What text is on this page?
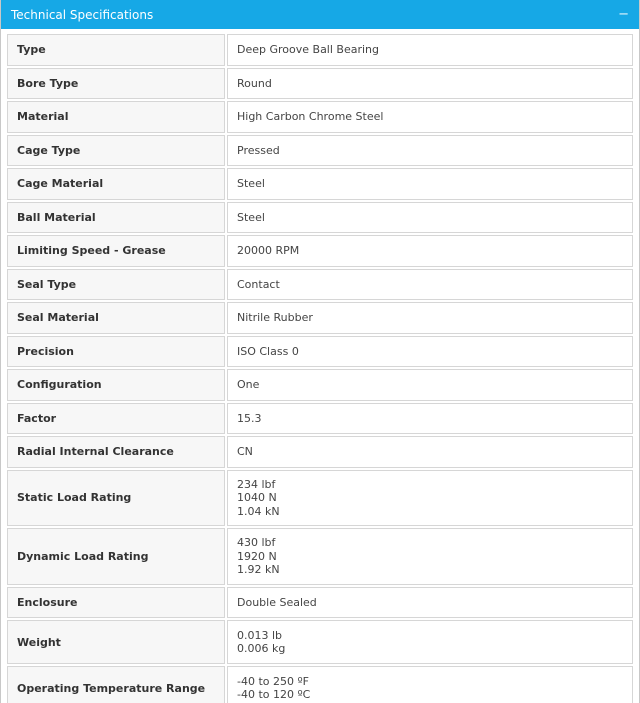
Technical Specifications	−
Type	Deep Groove Ball Bearing

Bore Type	Round

Material	High Carbon Chrome Steel

Cage Type	Pressed

Cage Material	Steel

Ball Material	Steel

Limiting Speed - Grease	20000 RPM

Seal Type	Contact

Seal Material	Nitrile Rubber

Precision	ISO Class 0

Configuration	One

Factor	15.3

Radial Internal Clearance	CN

Static Load Rating	234 lbf
1040 N
1.04 kN

Dynamic Load Rating	430 lbf
1920 N
1.92 kN

Enclosure	Double Sealed

Weight	0.013 lb
0.006 kg

Operating Temperature Range	-40 to 250 ºF
-40 to 120 ºC
